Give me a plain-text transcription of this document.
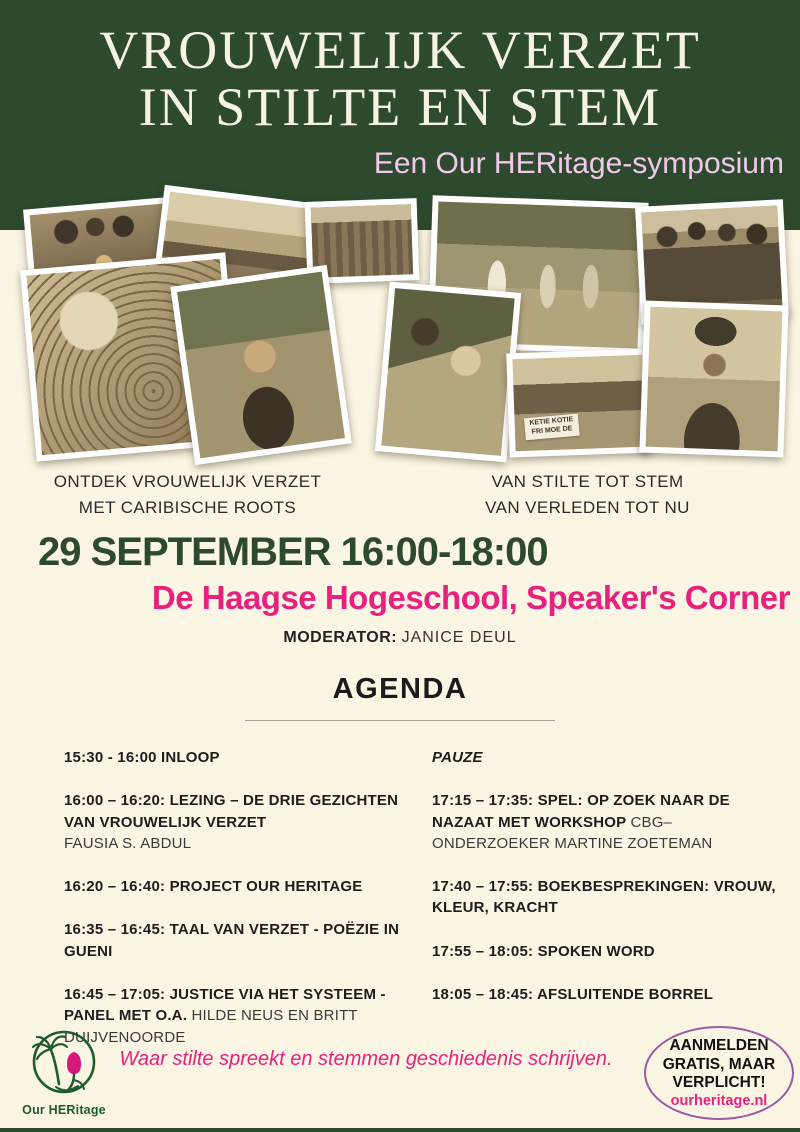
VROUWELIJK VERZET
IN STILTE EN STEM
Een Our HERitage-symposium
KETIE KOTIE
FRI MOE DE
ONTDEK VROUWELIJK VERZET
MET CARIBISCHE ROOTS
VAN STILTE TOT STEM
VAN VERLEDEN TOT NU
29 SEPTEMBER 16:00-18:00
De Haagse Hogeschool, Speaker's Corner
MODERATOR: JANICE DEUL
AGENDA

15:30 - 16:00 INLOOP

16:00 – 16:20: LEZING – DE DRIE GEZICHTEN VAN VROUWELIJK VERZET
FAUSIA S. ABDUL

16:20 – 16:40: PROJECT OUR HERITAGE

16:35 – 16:45: TAAL VAN VERZET - POËZIE IN GUENI

16:45 – 17:05: JUSTICE VIA HET SYSTEEM - PANEL MET O.A. HILDE NEUS EN BRITT DUIJVENOORDE

PAUZE

17:15 – 17:35: SPEL: OP ZOEK NAAR DE NAZAAT MET WORKSHOP CBG–ONDERZOEKER MARTINE ZOETEMAN

17:40 – 17:55: BOEKBESPREKINGEN: VROUW, KLEUR, KRACHT

17:55 – 18:05: SPOKEN WORD

18:05 – 18:45: AFSLUITENDE BORREL

Our HERitage
Waar stilte spreekt en stemmen geschiedenis schrijven.
AANMELDEN
GRATIS, MAAR
VERPLICHT!
ourheritage.nl
